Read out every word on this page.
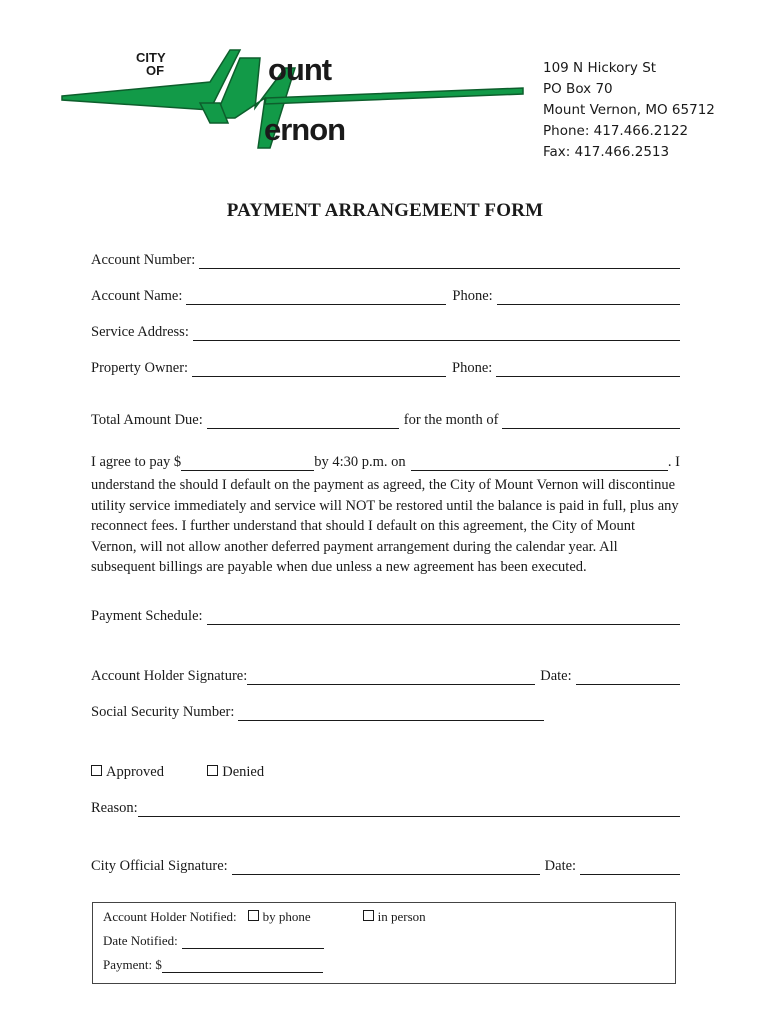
CITY
OF	ount
ernon
109 N Hickory St
PO Box 70
Mount Vernon, MO 65712
Phone: 417.466.2122
Fax: 417.466.2513
PAYMENT ARRANGEMENT FORM
Account Number:
Account Name:	Phone:
Service Address:
Property Owner:	Phone:
Total Amount Due:	for the month of
I agree to pay $	by 4:30 p.m. on	. I
understand the should I default on the payment as agreed, the City of Mount Vernon will discontinue utility service immediately and service will NOT be restored until the balance is paid in full, plus any reconnect fees. I further understand that should I default on this agreement, the City of Mount Vernon, will not allow another deferred payment arrangement during the calendar year. All subsequent billings are payable when due unless a new agreement has been executed.
Payment Schedule:
Account Holder Signature:	Date:
Social Security Number:
Approved	Denied
Reason:
City Official Signature:	Date:
Account Holder Notified:	by phone	in person
Date Notified:
Payment: $
